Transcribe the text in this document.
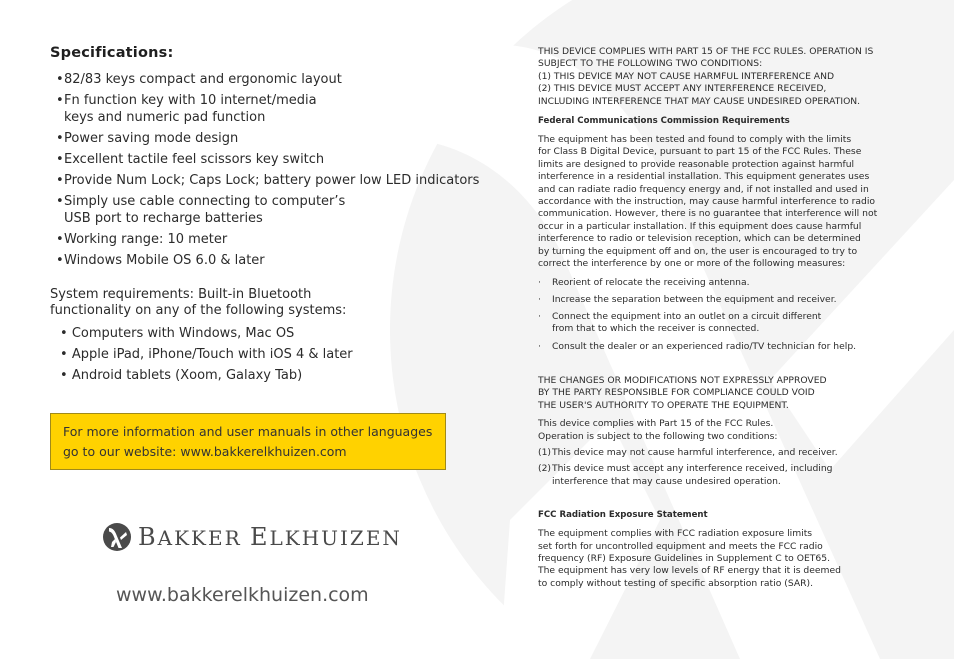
Specifications:
• 82/83 keys compact and ergonomic layout
• Fn function key with 10 internet/media
keys and numeric pad function
• Power saving mode design
• Excellent tactile feel scissors key switch
• Provide Num Lock; Caps Lock; battery power low LED indicators
• Simply use cable connecting to computer’s
USB port to recharge batteries
• Working range: 10 meter
• Windows Mobile OS 6.0 & later
System requirements: Built-in Bluetooth
functionality on any of the following systems:
• Computers with Windows, Mac OS
• Apple iPad, iPhone/Touch with iOS 4 & later
• Android tablets (Xoom, Galaxy Tab)
For more information and user manuals in other languages go to our website: www.bakkerelkhuizen.com
BAKKER ELKHUIZEN
www.bakkerelkhuizen.com

THIS DEVICE COMPLIES WITH PART 15 OF THE FCC RULES. OPERATION IS
SUBJECT TO THE FOLLOWING TWO CONDITIONS:
(1) THIS DEVICE MAY NOT CAUSE HARMFUL INTERFERENCE AND
(2) THIS DEVICE MUST ACCEPT ANY INTERFERENCE RECEIVED,
INCLUDING INTERFERENCE THAT MAY CAUSE UNDESIRED OPERATION.

Federal Communications Commission Requirements

The equipment has been tested and found to comply with the limits
for Class B Digital Device, pursuant to part 15 of the FCC Rules. These
limits are designed to provide reasonable protection against harmful
interference in a residential installation. This equipment generates uses
and can radiate radio frequency energy and, if not installed and used in
accordance with the instruction, may cause harmful interference to radio
communication. However, there is no guarantee that interference will not
occur in a particular installation. If this equipment does cause harmful
interference to radio or television reception, which can be determined
by turning the equipment off and on, the user is encouraged to try to
correct the interference by one or more of the following measures:

· Reorient of relocate the receiving antenna.
· Increase the separation between the equipment and receiver.
· Connect the equipment into an outlet on a circuit different
from that to which the receiver is connected.
· Consult the dealer or an experienced radio/TV technician for help.

THE CHANGES OR MODIFICATIONS NOT EXPRESSLY APPROVED
BY THE PARTY RESPONSIBLE FOR COMPLIANCE COULD VOID
THE USER'S AUTHORITY TO OPERATE THE EQUIPMENT.

This device complies with Part 15 of the FCC Rules.
Operation is subject to the following two conditions:

(1) This device may not cause harmful interference, and receiver.
(2) This device must accept any interference received, including
interference that may cause undesired operation.
FCC Radiation Exposure Statement

The equipment complies with FCC radiation exposure limits
set forth for uncontrolled equipment and meets the FCC radio
frequency (RF) Exposure Guidelines in Supplement C to OET65.
The equipment has very low levels of RF energy that it is deemed
to comply without testing of specific absorption ratio (SAR).
